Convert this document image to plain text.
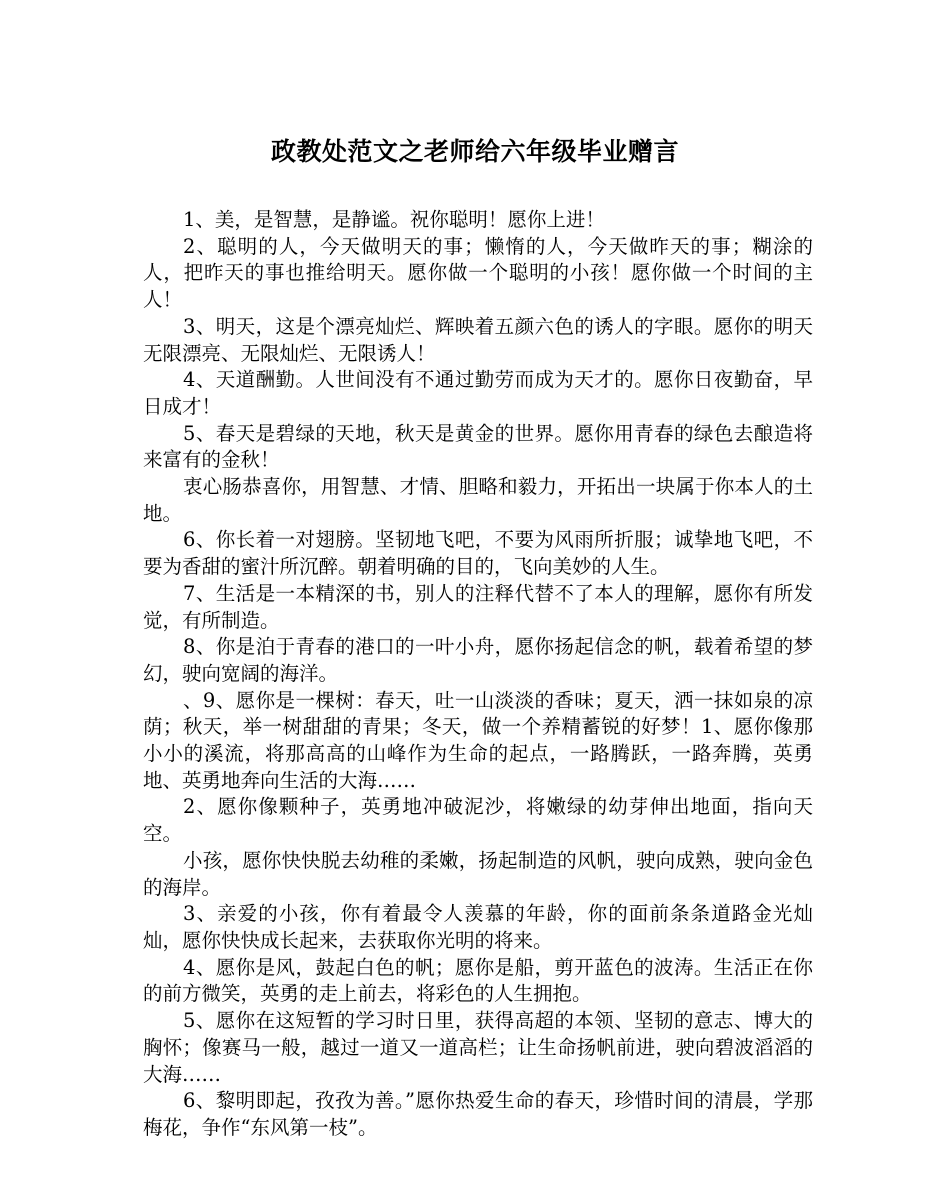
政教处范文之老师给六年级毕业赠言

1、美，是智慧，是静谧。祝你聪明！愿你上进！

2、聪明的人，今天做明天的事；懒惰的人，今天做昨天的事；糊涂的人，把昨天的事也推给明天。愿你做一个聪明的小孩！愿你做一个时间的主人！

3、明天，这是个漂亮灿烂、辉映着五颜六色的诱人的字眼。愿你的明天无限漂亮、无限灿烂、无限诱人！

4、天道酬勤。人世间没有不通过勤劳而成为天才的。愿你日夜勤奋，早日成才！

5、春天是碧绿的天地，秋天是黄金的世界。愿你用青春的绿色去酿造将来富有的金秋！

衷心肠恭喜你，用智慧、才情、胆略和毅力，开拓出一块属于你本人的土地。

6、你长着一对翅膀。坚韧地飞吧，不要为风雨所折服；诚挚地飞吧，不要为香甜的蜜汁所沉醉。朝着明确的目的，飞向美妙的人生。

7、生活是一本精深的书，别人的注释代替不了本人的理解，愿你有所发觉，有所制造。

8、你是泊于青春的港口的一叶小舟，愿你扬起信念的帆，载着希望的梦幻，驶向宽阔的海洋。

、9、愿你是一棵树：春天，吐一山淡淡的香味；夏天，洒一抹如泉的凉荫；秋天，举一树甜甜的青果；冬天，做一个养精蓄锐的好梦！1、愿你像那小小的溪流，将那高高的山峰作为生命的起点，一路腾跃，一路奔腾，英勇地、英勇地奔向生活的大海……

2、愿你像颗种子，英勇地冲破泥沙，将嫩绿的幼芽伸出地面，指向天空。

小孩，愿你快快脱去幼稚的柔嫩，扬起制造的风帆，驶向成熟，驶向金色的海岸。

3、亲爱的小孩，你有着最令人羡慕的年龄，你的面前条条道路金光灿灿，愿你快快成长起来，去获取你光明的将来。

4、愿你是风，鼓起白色的帆；愿你是船，剪开蓝色的波涛。生活正在你的前方微笑，英勇的走上前去，将彩色的人生拥抱。

5、愿你在这短暂的学习时日里，获得高超的本领、坚韧的意志、博大的胸怀；像赛马一般，越过一道又一道高栏；让生命扬帆前进，驶向碧波滔滔的大海……

6、黎明即起，孜孜为善。”愿你热爱生命的春天，珍惜时间的清晨，学那梅花，争作“东风第一枝”。
